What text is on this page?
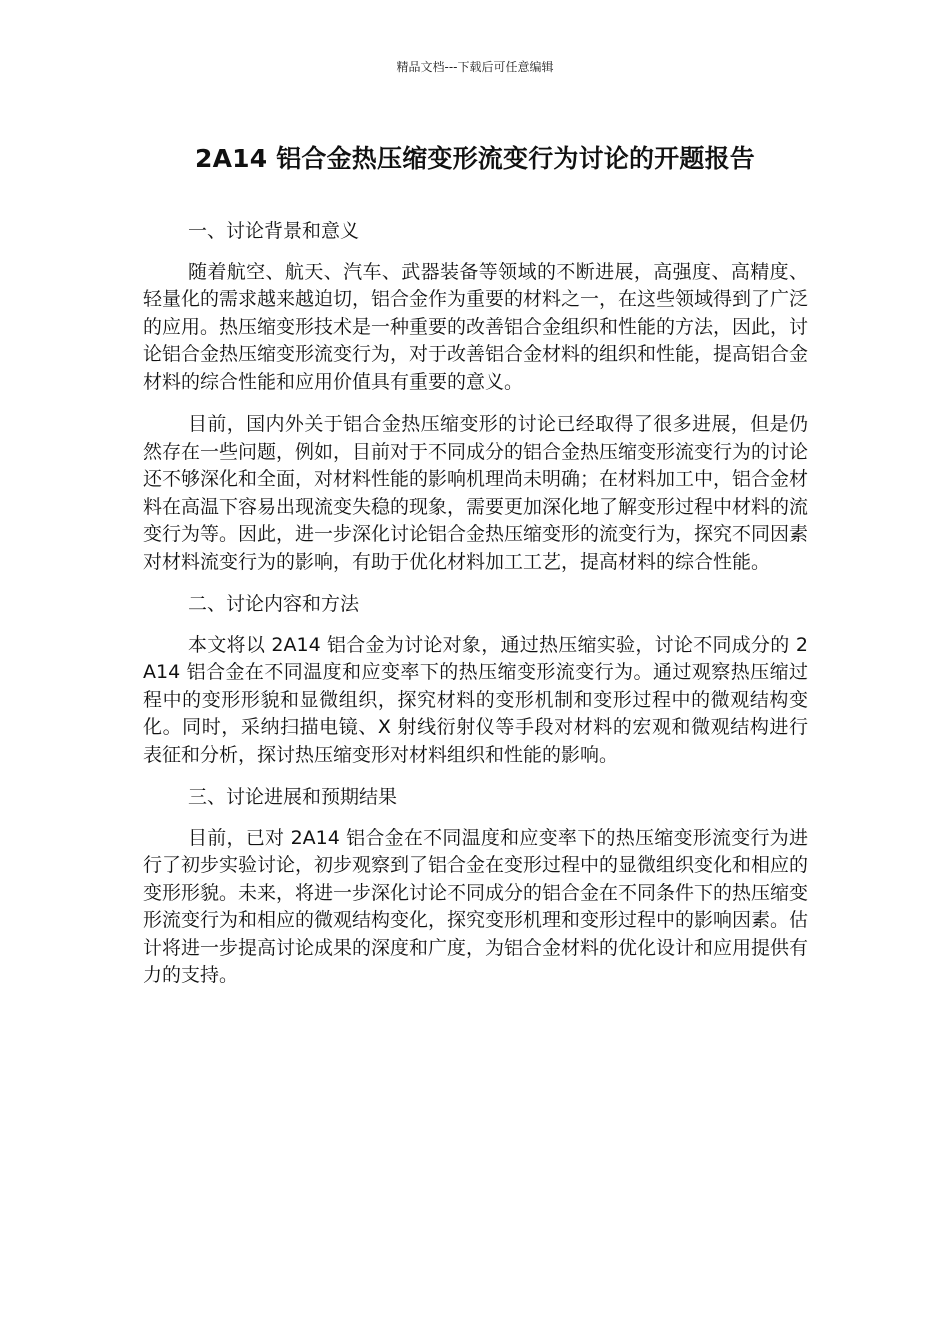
精品文档---下载后可任意编辑
2A14 铝合金热压缩变形流变行为讨论的开题报告

一、讨论背景和意义

随着航空、航天、汽车、武器装备等领域的不断进展，高强度、高精度、轻量化的需求越来越迫切，铝合金作为重要的材料之一，在这些领域得到了广泛的应用。热压缩变形技术是一种重要的改善铝合金组织和性能的方法，因此，讨论铝合金热压缩变形流变行为，对于改善铝合金材料的组织和性能，提高铝合金材料的综合性能和应用价值具有重要的意义。

目前，国内外关于铝合金热压缩变形的讨论已经取得了很多进展，但是仍然存在一些问题，例如，目前对于不同成分的铝合金热压缩变形流变行为的讨论还不够深化和全面，对材料性能的影响机理尚未明确；在材料加工中，铝合金材料在高温下容易出现流变失稳的现象，需要更加深化地了解变形过程中材料的流变行为等。因此，进一步深化讨论铝合金热压缩变形的流变行为，探究不同因素对材料流变行为的影响，有助于优化材料加工工艺，提高材料的综合性能。

二、讨论内容和方法

本文将以 2A14 铝合金为讨论对象，通过热压缩实验，讨论不同成分的 2A14 铝合金在不同温度和应变率下的热压缩变形流变行为。通过观察热压缩过程中的变形形貌和显微组织，探究材料的变形机制和变形过程中的微观结构变化。同时，采纳扫描电镜、X 射线衍射仪等手段对材料的宏观和微观结构进行表征和分析，探讨热压缩变形对材料组织和性能的影响。

三、讨论进展和预期结果

目前，已对 2A14 铝合金在不同温度和应变率下的热压缩变形流变行为进行了初步实验讨论，初步观察到了铝合金在变形过程中的显微组织变化和相应的变形形貌。未来，将进一步深化讨论不同成分的铝合金在不同条件下的热压缩变形流变行为和相应的微观结构变化，探究变形机理和变形过程中的影响因素。估计将进一步提高讨论成果的深度和广度，为铝合金材料的优化设计和应用提供有力的支持。
